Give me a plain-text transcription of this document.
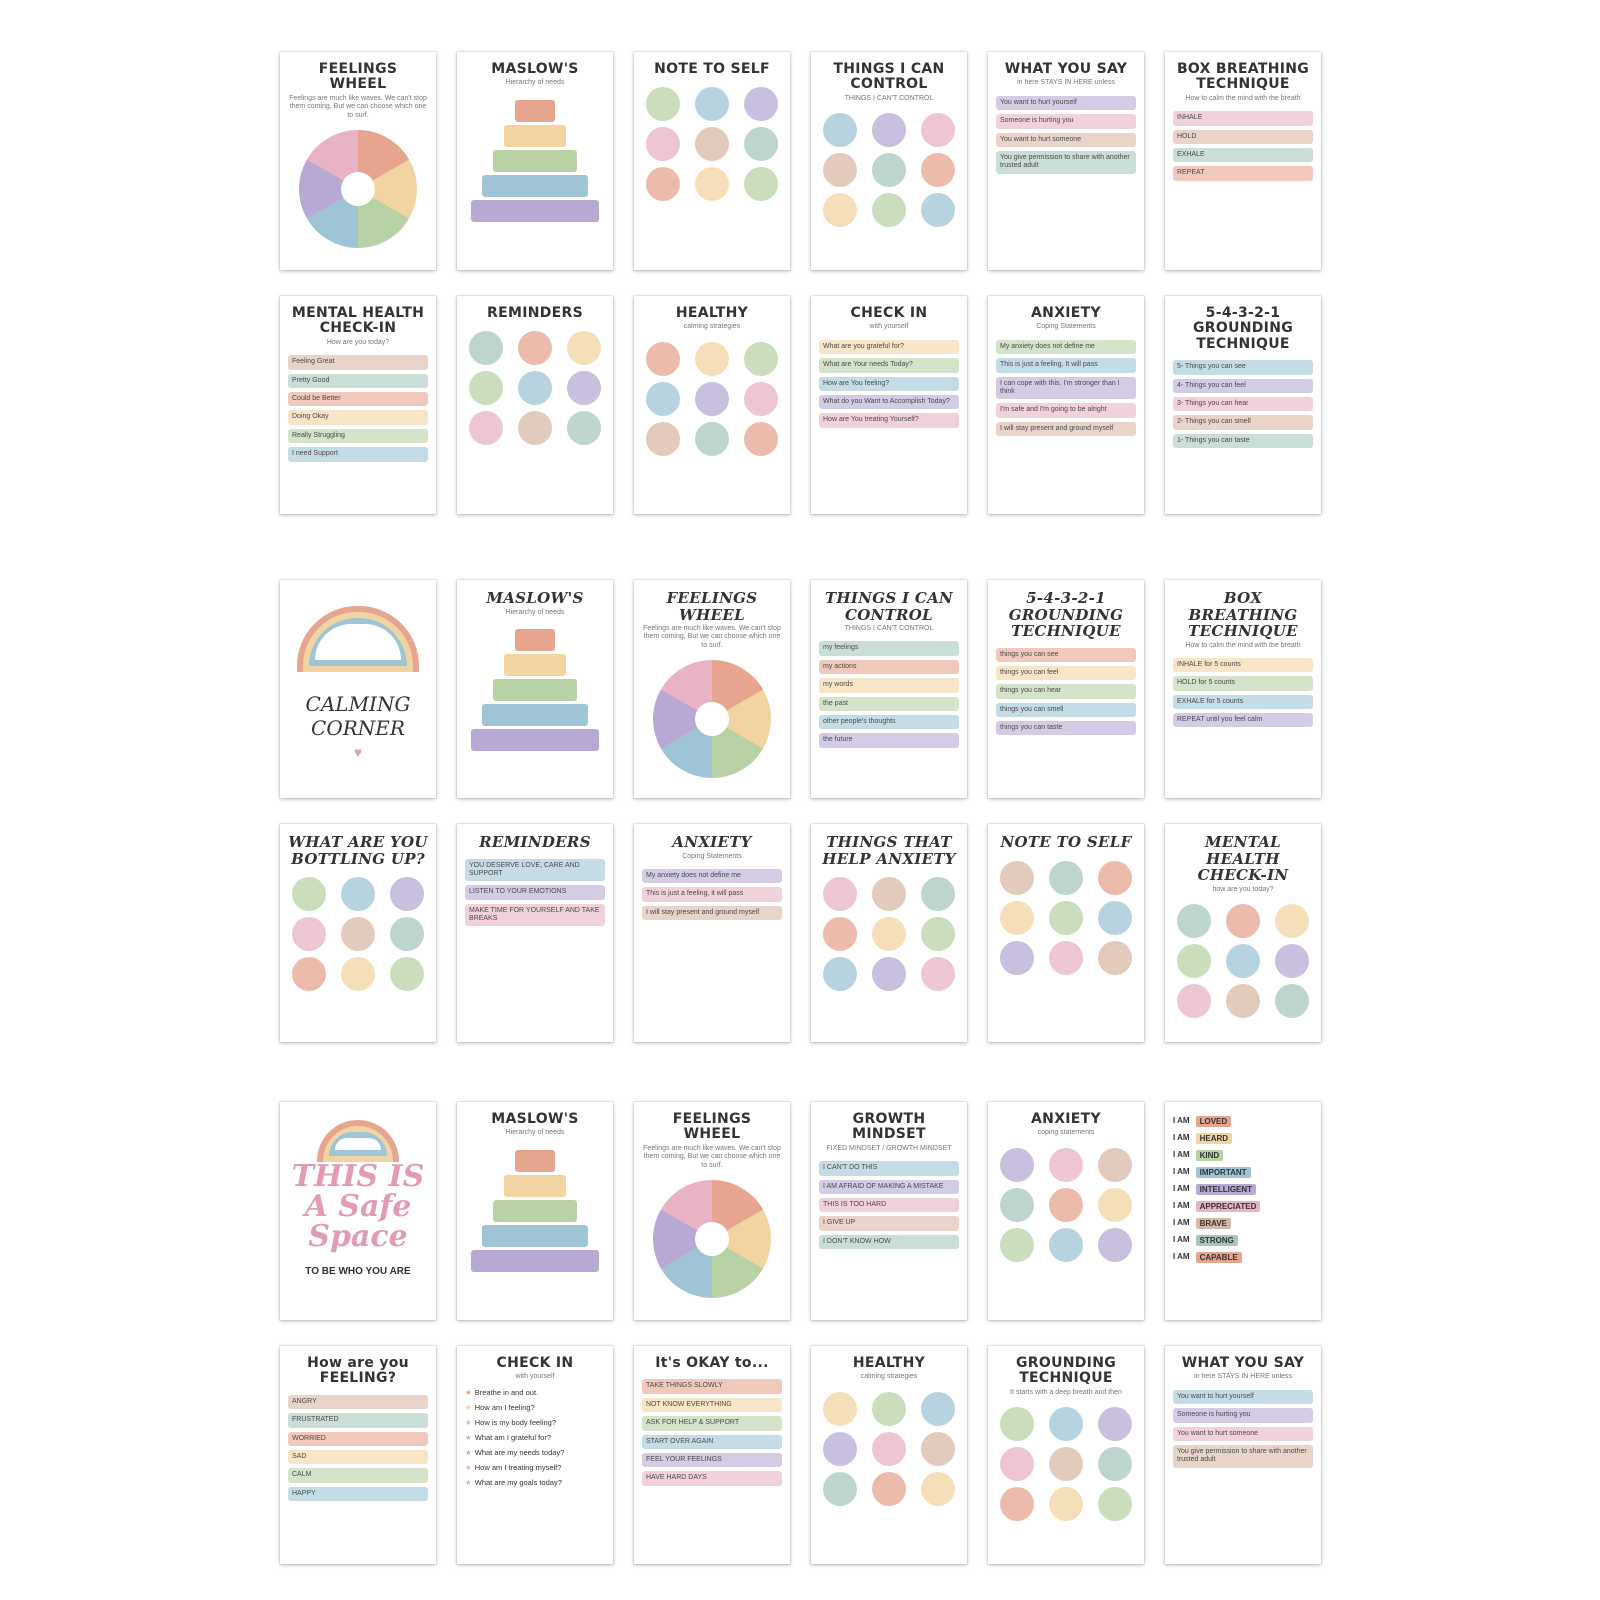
FEELINGS WHEEL
Feelings are much like waves. We can't stop them coming, But we can choose which one to surf.
MASLOW'S
Hierarchy of needs
NOTE TO SELF	THINGS I CAN CONTROL
THINGS I CAN'T CONTROL
WHAT YOU SAY
in here STAYS IN HERE unless
You want to hurt yourself
Someone is hurting you
You want to hurt someone
You give permission to share with another trusted adult
BOX BREATHING TECHNIQUE
How to calm the mind with the breath
INHALE
HOLD
EXHALE
REPEAT
MENTAL HEALTH CHECK-IN
How are you today?
Feeling Great
Pretty Good
Could be Better
Doing Okay
Really Struggling
I need Support
REMINDERS	HEALTHY
calming strategies
CHECK IN
with yourself
What are you grateful for?
What are Your needs Today?
How are You feeling?
What do you Want to Accomplish Today?
How are You treating Yourself?
ANXIETY
Coping Statements
My anxiety does not define me
This is just a feeling, It will pass
I can cope with this. I'm stronger than I think
I'm safe and I'm going to be alright
I will stay present and ground myself
5-4-3-2-1 GROUNDING TECHNIQUE
5- Things you can see
4- Things you can feel
3- Things you can hear
2- Things you can smell
1- Things you can taste
CALMING CORNER
♥
MASLOW'S
Hierarchy of needs
FEELINGS WHEEL
Feelings are much like waves. We can't stop them coming, But we can choose which one to surf.
THINGS I CAN CONTROL
THINGS I CAN'T CONTROL
my feelings
my actions
my words
the past
other people's thoughts
the future
5-4-3-2-1 GROUNDING TECHNIQUE
things you can see
things you can feel
things you can hear
things you can smell
things you can taste
BOX BREATHING TECHNIQUE
How to calm the mind with the breath
INHALE for 5 counts
HOLD for 5 counts
EXHALE for 5 counts
REPEAT until you feel calm
WHAT ARE YOU BOTTLING UP?
REMINDERS
YOU DESERVE LOVE, CARE AND SUPPORT
LISTEN TO YOUR EMOTIONS
MAKE TIME FOR YOURSELF AND TAKE BREAKS
ANXIETY
Coping Statements
My anxiety does not define me
This is just a feeling, it will pass
I will stay present and ground myself
THINGS THAT HELP ANXIETY
NOTE TO SELF	MENTAL HEALTH CHECK-IN
how are you today?
THIS IS A Safe Space
TO BE WHO YOU ARE
MASLOW'S
Hierarchy of needs
FEELINGS WHEEL
Feelings are much like waves. We can't stop them coming, But we can choose which one to surf.
GROWTH MINDSET
FIXED MINDSET / GROWTH MINDSET
I CAN'T DO THIS
I AM AFRAID OF MAKING A MISTAKE
THIS IS TOO HARD
I GIVE UP
I DON'T KNOW HOW
ANXIETY
coping statements
I AM	LOVED
I AM	HEARD
I AM	KIND
I AM	IMPORTANT
I AM	INTELLIGENT
I AM	APPRECIATED
I AM	BRAVE
I AM	STRONG
I AM	CAPABLE
How are you FEELING?
ANGRY
FRUSTRATED
WORRIED
SAD
CALM
HAPPY
CHECK IN
with yourself
★ Breathe in and out.
★ How am I feeling?
★ How is my body feeling?
★ What am I grateful for?
★ What are my needs today?
★ How am I treating myself?
★ What are my goals today?
It's OKAY to...
TAKE THINGS SLOWLY
NOT KNOW EVERYTHING
ASK FOR HELP & SUPPORT
START OVER AGAIN
FEEL YOUR FEELINGS
HAVE HARD DAYS
HEALTHY
calming strategies
GROUNDING TECHNIQUE
It starts with a deep breath and then
WHAT YOU SAY
in here STAYS IN HERE unless
You want to hurt yourself
Someone is hurting you
You want to hurt someone
You give permission to share with another trusted adult
